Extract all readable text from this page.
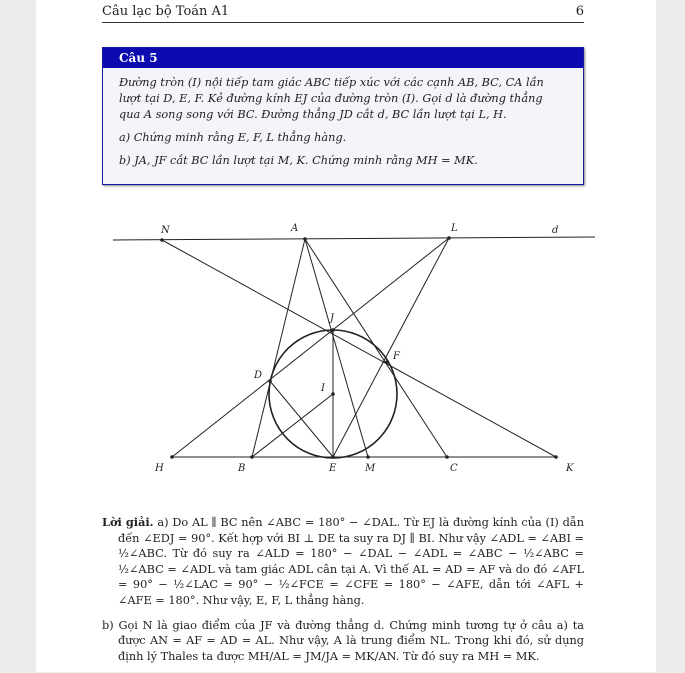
Câu lạc bộ Toán A1	6
Câu 5

Đường tròn (I) nội tiếp tam giác ABC tiếp xúc với các cạnh AB, BC, CA lần lượt tại D, E, F. Kẻ đường kính EJ của đường tròn (I). Gọi d là đường thẳng qua A song song với BC. Đường thẳng JD cắt d, BC lần lượt tại L, H.

a) Chứng minh rằng E, F, L thẳng hàng.

b) JA, JF cắt BC lần lượt tại M, K. Chứng minh rằng MH = MK.

N	A	L	d
J
F
D
I
H	B	E	M	C	K

Lời giải. a) Do AL ∥ BC nên ∠ABC = 180° − ∠DAL. Từ EJ là đường kính của (I) dẫn đến ∠EDJ = 90°. Kết hợp với BI ⊥ DE ta suy ra DJ ∥ BI. Như vậy ∠ADL = ∠ABI = ½∠ABC. Từ đó suy ra ∠ALD = 180° − ∠DAL − ∠ADL = ∠ABC − ½∠ABC = ½∠ABC = ∠ADL và tam giác ADL cân tại A. Vì thế AL = AD = AF và do đó ∠AFL = 90° − ½∠LAC = 90° − ½∠FCE = ∠CFE = 180° − ∠AFE, dẫn tới ∠AFL + ∠AFE = 180°. Như vậy, E, F, L thẳng hàng.

b) Gọi N là giao điểm của JF và đường thẳng d. Chứng minh tương tự ở câu a) ta được AN = AF = AD = AL. Như vậy, A là trung điểm NL. Trong khi đó, sử dụng định lý Thales ta được MH/AL = JM/JA = MK/AN. Từ đó suy ra MH = MK.
